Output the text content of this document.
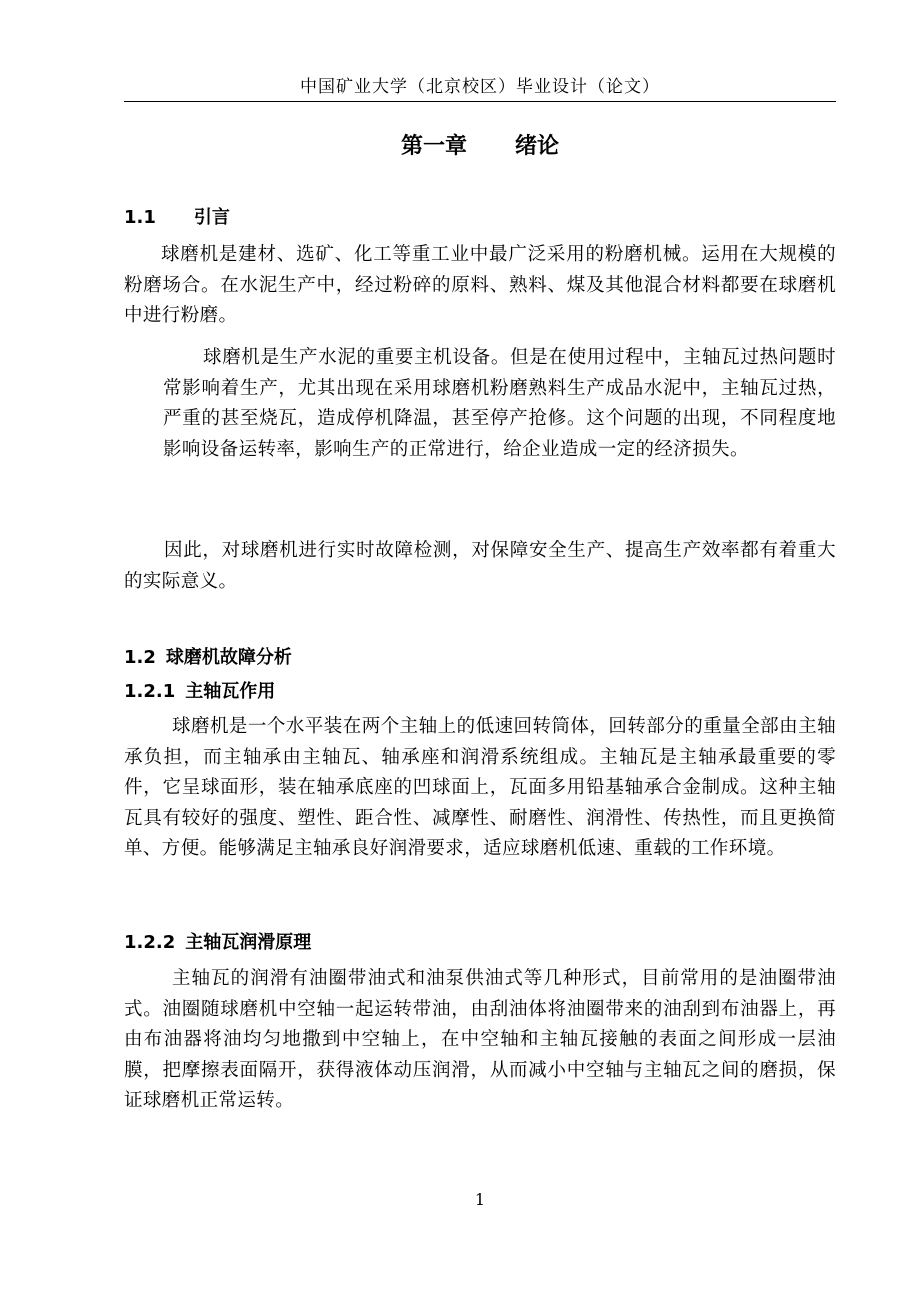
中国矿业大学（北京校区）毕业设计（论文）
第一章 绪论
1.1 引言

球磨机是建材、选矿、化工等重工业中最广泛采用的粉磨机械。运用在大规模的粉磨场合。在水泥生产中，经过粉碎的原料、熟料、煤及其他混合材料都要在球磨机中进行粉磨。

球磨机是生产水泥的重要主机设备。但是在使用过程中，主轴瓦过热问题时常影响着生产，尤其出现在采用球磨机粉磨熟料生产成品水泥中，主轴瓦过热，严重的甚至烧瓦，造成停机降温，甚至停产抢修。这个问题的出现，不同程度地影响设备运转率，影响生产的正常进行，给企业造成一定的经济损失。

因此，对球磨机进行实时故障检测，对保障安全生产、提高生产效率都有着重大的实际意义。

1.2 球磨机故障分析
1.2.1 主轴瓦作用

球磨机是一个水平装在两个主轴上的低速回转筒体，回转部分的重量全部由主轴承负担，而主轴承由主轴瓦、轴承座和润滑系统组成。主轴瓦是主轴承最重要的零件，它呈球面形，装在轴承底座的凹球面上，瓦面多用铅基轴承合金制成。这种主轴瓦具有较好的强度、塑性、距合性、减摩性、耐磨性、润滑性、传热性，而且更换简单、方便。能够满足主轴承良好润滑要求，适应球磨机低速、重载的工作环境。

1.2.2 主轴瓦润滑原理

主轴瓦的润滑有油圈带油式和油泵供油式等几种形式，目前常用的是油圈带油式。油圈随球磨机中空轴一起运转带油，由刮油体将油圈带来的油刮到布油器上，再由布油器将油均匀地撒到中空轴上，在中空轴和主轴瓦接触的表面之间形成一层油膜，把摩擦表面隔开，获得液体动压润滑，从而减小中空轴与主轴瓦之间的磨损，保证球磨机正常运转。

1
